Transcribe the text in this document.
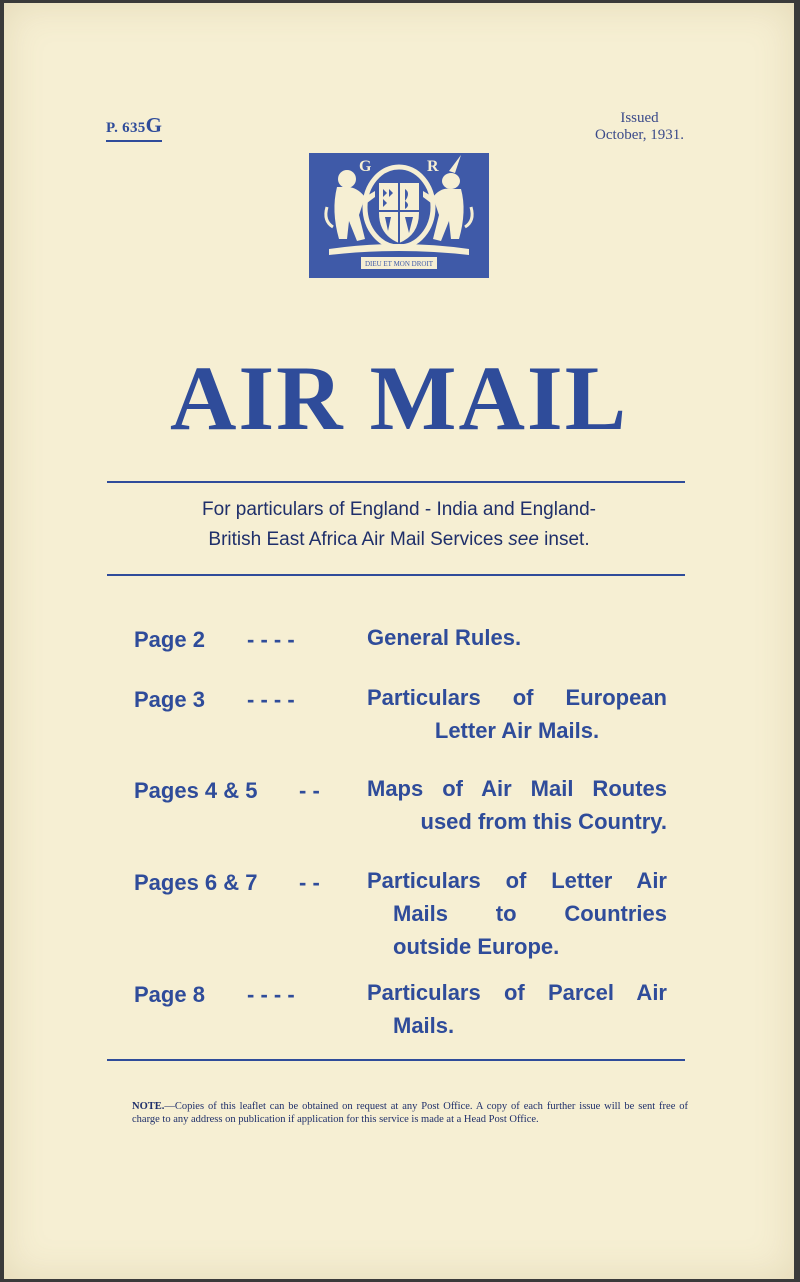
P. 635G	Issued
October, 1931.
G	R
DIEU ET MON DROIT
AIR MAIL
For particulars of England - India and England-
British East Africa Air Mail Services see inset.
Page 2 - - - -	General Rules.
Page 3 - - - -	Particulars of European
Letter Air Mails.
Pages 4 & 5 - - Maps of Air Mail Routes
used from this Country.
Pages 6 & 7 - - Particulars of Letter Air
Mails to Countries
outside Europe.
Page 8 - - - -	Particulars of Parcel Air
Mails.
NOTE.—Copies of this leaflet can be obtained on request at any Post Office. A copy of each further issue will be sent free of charge to any address on publication if application for this service is made at a Head Post Office.
